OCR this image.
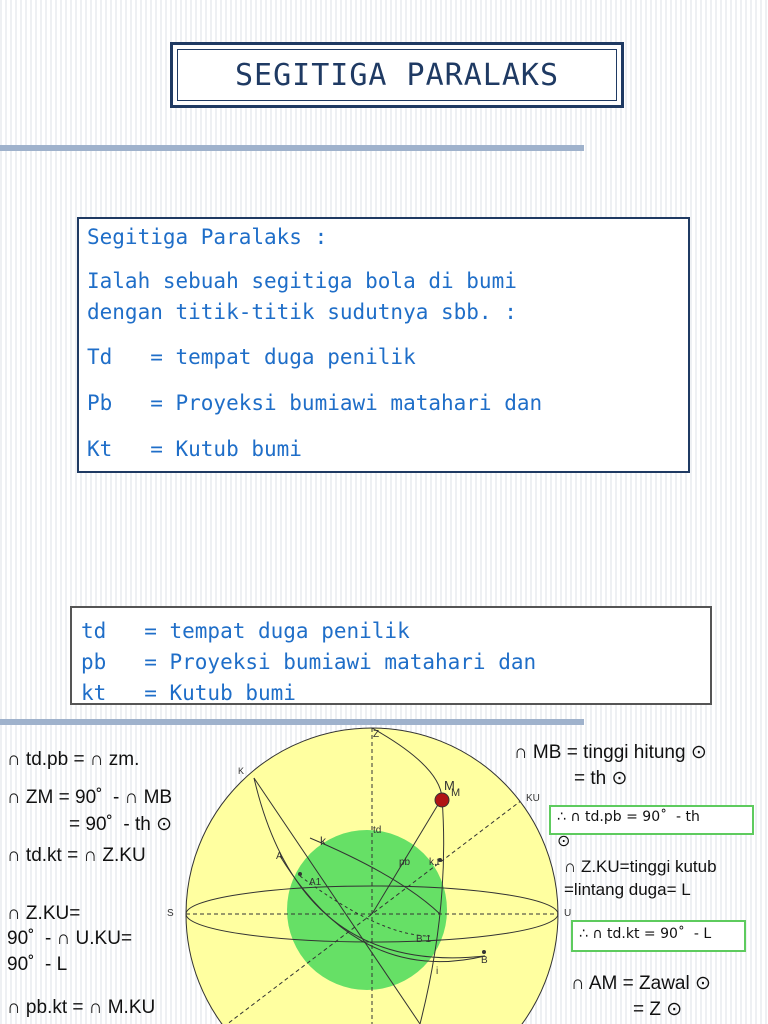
SEGITIGA PARALAKS
Segitiga Paralaks :
Ialah sebuah segitiga bola di bumi
dengan titik-titik sudutnya sbb. :
Td   = tempat duga penilik
Pb   = Proyeksi bumiawi matahari dan
Kt   = Kutub bumi
td   = tempat duga penilik
pb   = Proyeksi bumiawi matahari dan
kt   = Kutub bumi
Z
K
M
M	KU
k
td
A
pb k,t
A1
S	U
B 1
B
i
∩ td.pb = ∩ zm.
∩ ZM = 90˚  - ∩ MB
= 90˚  - th ⊙
∩ td.kt = ∩ Z.KU
∩ Z.KU=
90˚  - ∩ U.KU=
90˚  - L
∩ pb.kt = ∩ M.KU
∩ MB = tinggi hitung ⊙
= th ⊙
∴ ∩ td.pb = 90˚  - th
⊙
∩ Z.KU=tinggi kutub
=lintang duga= L
∴ ∩ td.kt = 90˚  - L
∩ AM = Zawal ⊙
= Z ⊙
